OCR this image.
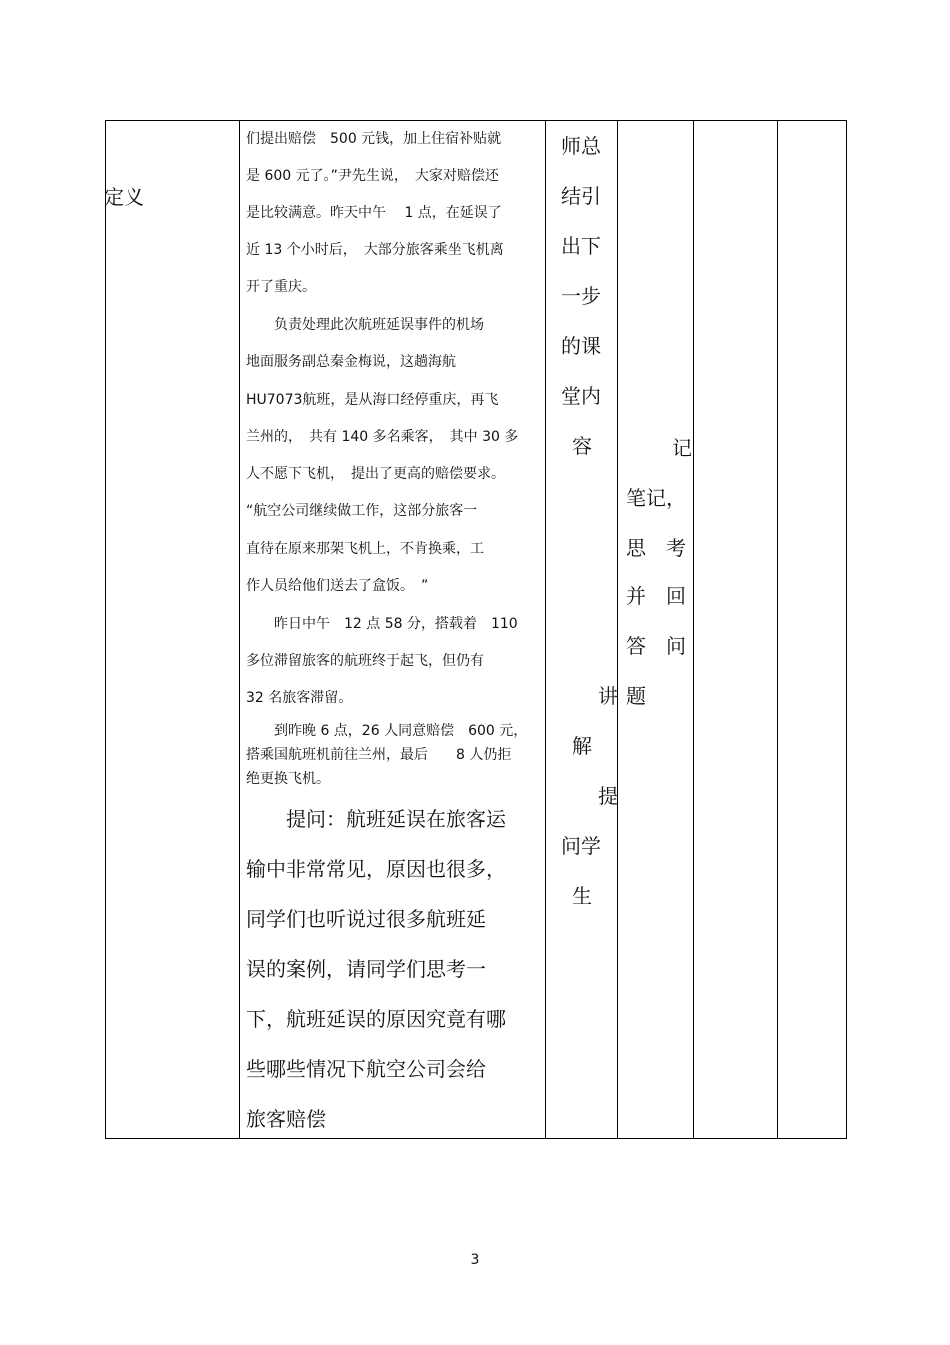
定义
们提出赔偿　500 元钱，加上住宿补贴就
是 600 元了。”尹先生说，　大家对赔偿还
是比较满意。昨天中午　 1 点，在延误了
近 13 个小时后，　大部分旅客乘坐飞机离
开了重庆。
　　负责处理此次航班延误事件的机场
地面服务副总秦金梅说，这趟海航
HU7073航班，是从海口经停重庆，再飞
兰州的，　共有 140 多名乘客，　其中 30 多
人不愿下飞机，　提出了更高的赔偿要求。
“航空公司继续做工作，这部分旅客一
直待在原来那架飞机上，不肯换乘，工
作人员给他们送去了盒饭。　”
　　昨日中午　12 点 58 分，搭载着　110
多位滞留旅客的航班终于起飞，但仍有
32 名旅客滞留。
　　到昨晚 6 点，26 人同意赔偿　600 元，
搭乘国航班机前往兰州，最后　　8 人仍拒
绝更换飞机。
　　提问：航班延误在旅客运
输中非常常见，原因也很多，
同学们也听说过很多航班延
误的案例，请同学们思考一
下，航班延误的原因究竟有哪
些哪些情况下航空公司会给
旅客赔偿
师总
结引
出下
一步
的课
堂内
容
讲
解
提
问学
生
记
笔记，
思　考
并　回
答　问
题
3
